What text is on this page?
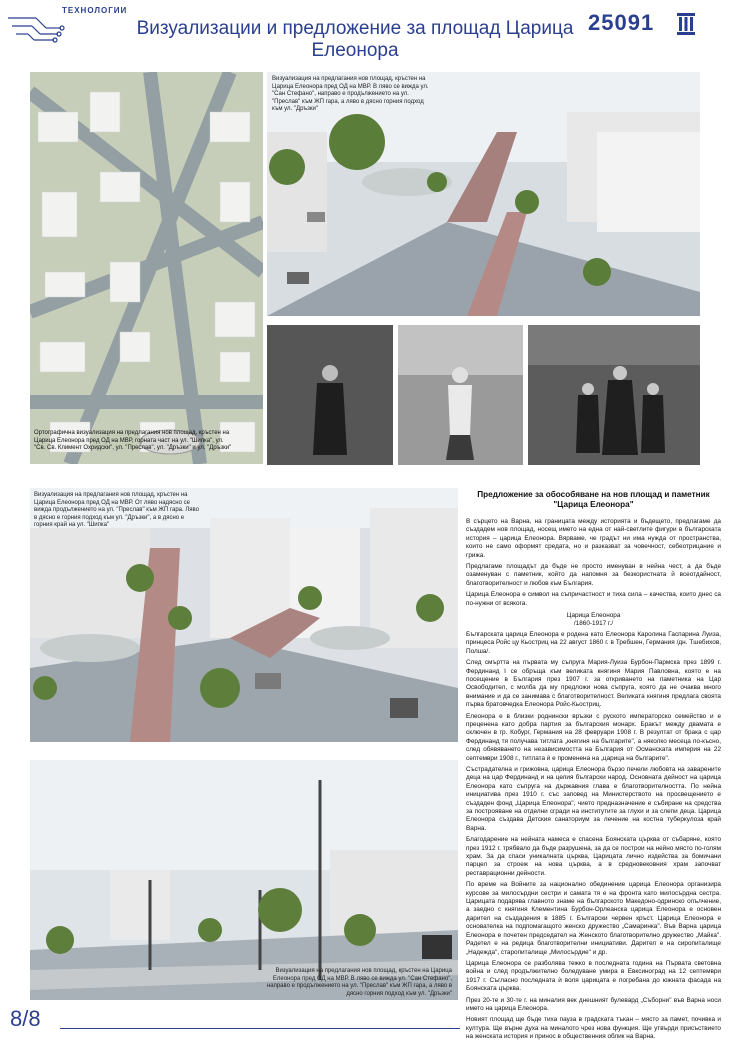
ТЕХНОЛОГИИ
Визуализации и предложение за площад Царица Елеонора
25091
Ортографична визуализация на предлагания нов площад, кръстен на Царица Елеонора пред ОД на МВР, горната част на ул. "Шипка", ул. "Св. Св. Климент Охридски", ул. "Преслав", ул. "Дръзки" и ул. "Дръзки"
Визуализация на предлагания нов площад, кръстен на Царица Елеонора пред ОД на МВР. В ляво се вижда ул. "Сан Стефано", направо е продължението на ул. "Преслав" към ЖП гара, а ляво в дясно горния подход към ул. "Дръзки"
Визуализация на предлагания нов площад, кръстен на Царица Елеонора пред ОД на МВР. От ляво надясно се вижда продължението на ул. "Преслав" към ЖП гара. Ляво в дясно е горния подход към ул. "Дръзки", а в дясно е горния край на ул. "Шипка"
Визуализация на предлагания нов площад, кръстен на Царица Елеонора пред ОД на МВР. В ляво се вижда ул. "Сан Стефано", направо е продължението на ул. "Преслав" към ЖП гара, а ляво в дясно горния подход към ул. "Дръзки"
Предложение за обособяване на нов площад и паметник "Царица Елеонора"

В сърцето на Варна, на границата между историята и бъдещето, предлагаме да създадем нов площад, носещ името на една от най-светлите фигури в българската история – царица Елеонора. Вярваме, че градът ни има нужда от пространства, които не само оформят средата, но и разказват за човечност, себеотрицание и грижа.

Предлагаме площадът да бъде не просто именуван в нейна чест, а да бъде озаменуван с паметник, който да напомня за безкористната й всеотдайност, благотворителност и любов към България.

Царица Елеонора е символ на съпричастност и тиха сила – качества, които днес са по-нужни от всякога.

Царица Елеонора
/1860-1917 г./

Българската царица Елеонора е родена като Елеонора Каролина Гаспарина Луиза, принцеса Ройс цу Кьостриц на 22 август 1860 г. в Требшен, Германия /дн. Тшебихов, Полша/.

След смъртта на първата му съпруга Мария-Луиза Бурбон-Пармска през 1899 г. Фердинанд I се обръща към великата княгиня Мария Павловна, която е на посещение в България през 1907 г. за откриването на паметника на Цар Освободител, с молба да му предложи нова съпруга, която да не очаква много внимание и да се занимава с благотворителност. Великата княгиня предлага своята първа братовчедка Елеонора Ройс-Кьостриц.

Елеонора е в близки роднински връзки с руското императорско семейство и е преценена като добра партия за българския монарх. Бракът между двамата е сключен в гр. Кобург, Германия на 28 февруари 1908 г. В резултат от брака с цар Фердинанд тя получава титлата „княгиня на българите", а няколко месеца по-късно, след обявяването на независимостта на България от Османската империя на 22 септември 1908 г., титлата ѝ е променена на „царица на българите".

Състрадателна и грижовна, царица Елеонора бързо печели любовта на заварените деца на цар Фердинанд и на целия български народ. Основната дейност на царица Елеонора като съпруга на държавния глава е благотворителността. По нейна инициатива през 1910 г. със заповед на Министерството на просвещението е създаден фонд „Царица Елеонора", чието предназначение е събиране на средства за построяване на отделни сгради на институтите за глухи и за слепи деца. Царица Елеонора създава Детския санаториум за лечение на костна туберкулоза край Варна.

Благодарение на нейната намеса е спасена Боянската църква от събаряне, която през 1912 г. трябвало да бъде разрушена, за да се построи на нейно място по-голям храм. За да спаси уникалната църква, Царицата лично издейства за бомичани парцел за строеж на нова църква, а в средновековния храм започват реставрационни дейности.

По време на Войните за национално обединение царица Елеонора организира курсове за милосърдни сестри и самата тя е на фронта като милосърдна сестра. Царицата подарява главното знаме на българското Македоно-одринско опълчение, а заедно с княгиня Клементина Бурбон-Орлеанска царица Елеонора е основен дарител на създадения в 1885 г. Български червен кръст. Царица Елеонора е основателка на подпомагащото женско дружество „Самаринка". Във Варна царица Елеонора е почетен председател на Женското благотворително дружество „Майка". Радетел е на редица благотворителни инициативи. Дарител е на сиропиталище „Надежда", старопиталище „Милосърдие" и др.

Царица Елеонора се разболява тежко в последната година на Първата световна война и след продължително боледуване умира в Евксиноград на 12 септември 1917 г. Съгласно последната ѝ воля царицата е погребана до южната фасада на Боянската църква.

През 20-те и 30-те г. на миналия век днешният булевард „Съборни" във Варна носи името на царица Елеонора.

Новият площад ще бъде тиха пауза в градската тъкан – място за памет, почивка и култура. Ще върне духа на миналото чрез нова функция. Ще утвърди присъствието на женската история и принос в общественния облик на Варна.

8/8
